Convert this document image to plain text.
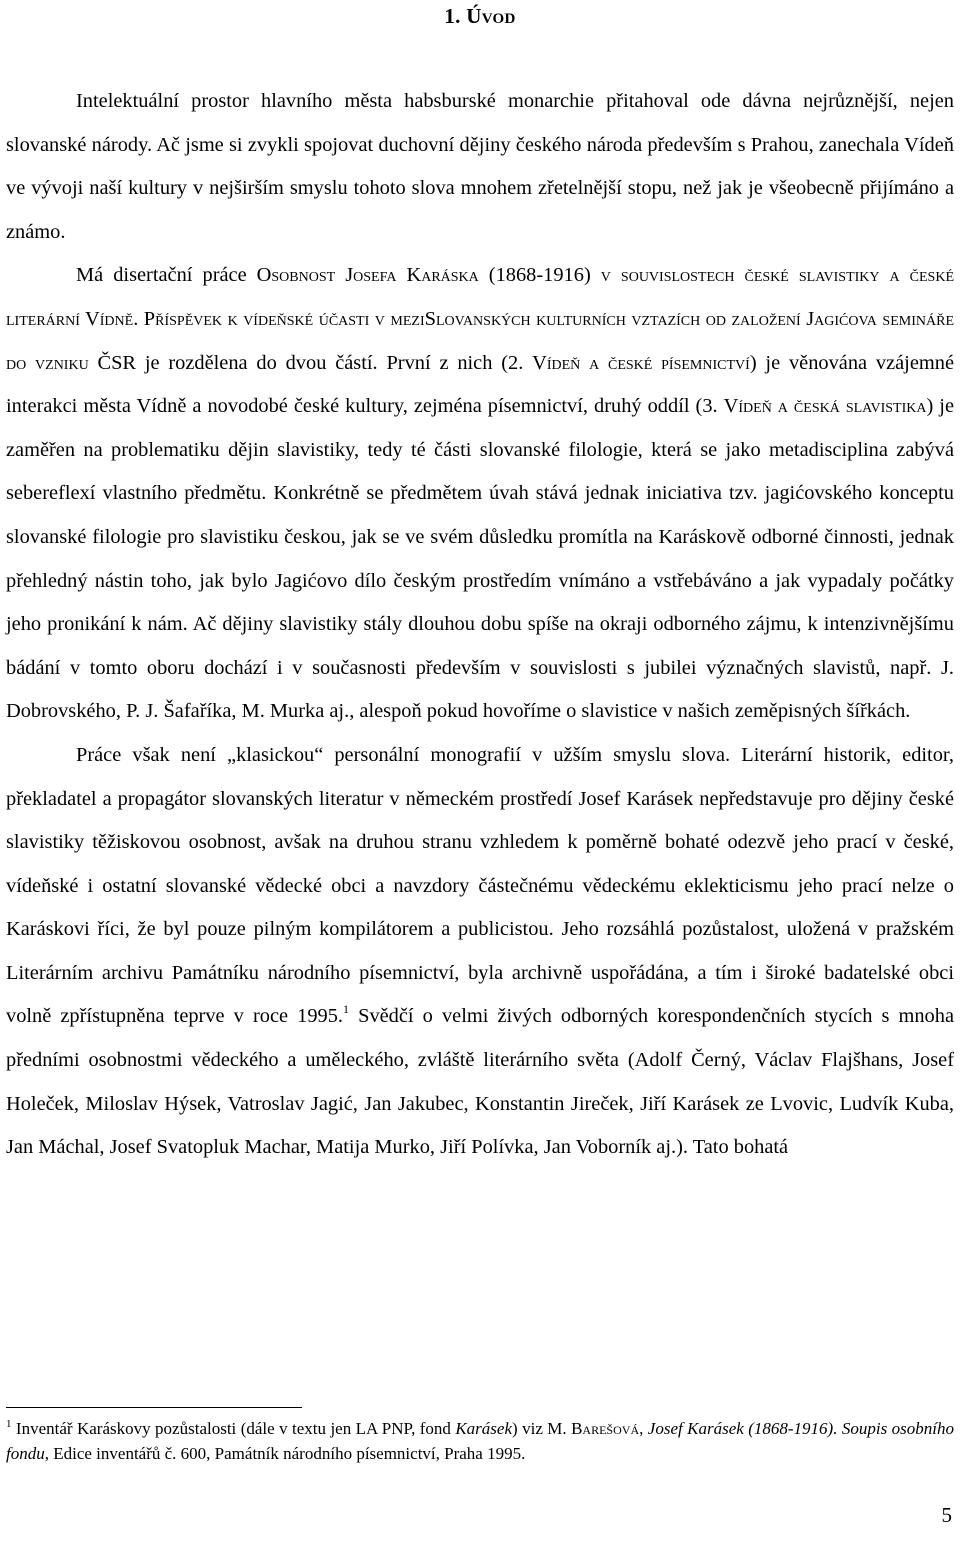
1. ÚVOD

Intelektuální prostor hlavního města habsburské monarchie přitahoval ode dávna nejrůznější, nejen slovanské národy. Ač jsme si zvykli spojovat duchovní dějiny českého národa především s Prahou, zanechala Vídeň ve vývoji naší kultury v nejširším smyslu tohoto slova mnohem zřetelnější stopu, než jak je všeobecně přijímáno a známo.

Má disertační práce Osobnost Josefa Karáska (1868-1916) v souvislostech české slavistiky a české literární Vídně. Příspěvek k vídeňské účasti v meziSlovanských kulturních vztazích od založení Jagićova semináře do vzniku ČSR je rozdělena do dvou částí. První z nich (2. Vídeň a české písemnictví) je věnována vzájemné interakci města Vídně a novodobé české kultury, zejména písemnictví, druhý oddíl (3. Vídeň a česká slavistika) je zaměřen na problematiku dějin slavistiky, tedy té části slovanské filologie, která se jako metadisciplina zabývá sebereflexí vlastního předmětu. Konkrétně se předmětem úvah stává jednak iniciativa tzv. jagićovského konceptu slovanské filologie pro slavistiku českou, jak se ve svém důsledku promítla na Karáskově odborné činnosti, jednak přehledný nástin toho, jak bylo Jagićovo dílo českým prostředím vnímáno a vstřebáváno a jak vypadaly počátky jeho pronikání k nám. Ač dějiny slavistiky stály dlouhou dobu spíše na okraji odborného zájmu, k intenzivnějšímu bádání v tomto oboru dochází i v současnosti především v souvislosti s jubilei význačných slavistů, např. J. Dobrovského, P. J. Šafaříka, M. Murka aj., alespoň pokud hovoříme o slavistice v našich zeměpisných šířkách.

Práce však není „klasickou“ personální monografií v užším smyslu slova. Literární historik, editor, překladatel a propagátor slovanských literatur v německém prostředí Josef Karásek nepředstavuje pro dějiny české slavistiky těžiskovou osobnost, avšak na druhou stranu vzhledem k poměrně bohaté odezvě jeho prací v české, vídeňské i ostatní slovanské vědecké obci a navzdory částečnému vědeckému eklekticismu jeho prací nelze o Karáskovi říci, že byl pouze pilným kompilátorem a publicistou. Jeho rozsáhlá pozůstalost, uložená v pražském Literárním archivu Památníku národního písemnictví, byla archivně uspořádána, a tím i široké badatelské obci volně zpřístupněna teprve v roce 1995.$^1$ Svědčí o velmi živých odborných korespondenčních stycích s mnoha předními osobnostmi vědeckého a uměleckého, zvláště literárního světa (Adolf Černý, Václav Flajšhans, Josef Holeček, Miloslav Hýsek, Vatroslav Jagić, Jan Jakubec, Konstantin Jireček, Jiří Karásek ze Lvovic, Ludvík Kuba, Jan Máchal, Josef Svatopluk Machar, Matija Murko, Jiří Polívka, Jan Voborník aj.). Tato bohatá

$^1$ Inventář Karáskovy pozůstalosti (dále v textu jen LA PNP, fond Karásek) viz M. Barešová, Josef Karásek (1868-1916). Soupis osobního fondu, Edice inventářů č. 600, Památník národního písemnictví, Praha 1995.
5
